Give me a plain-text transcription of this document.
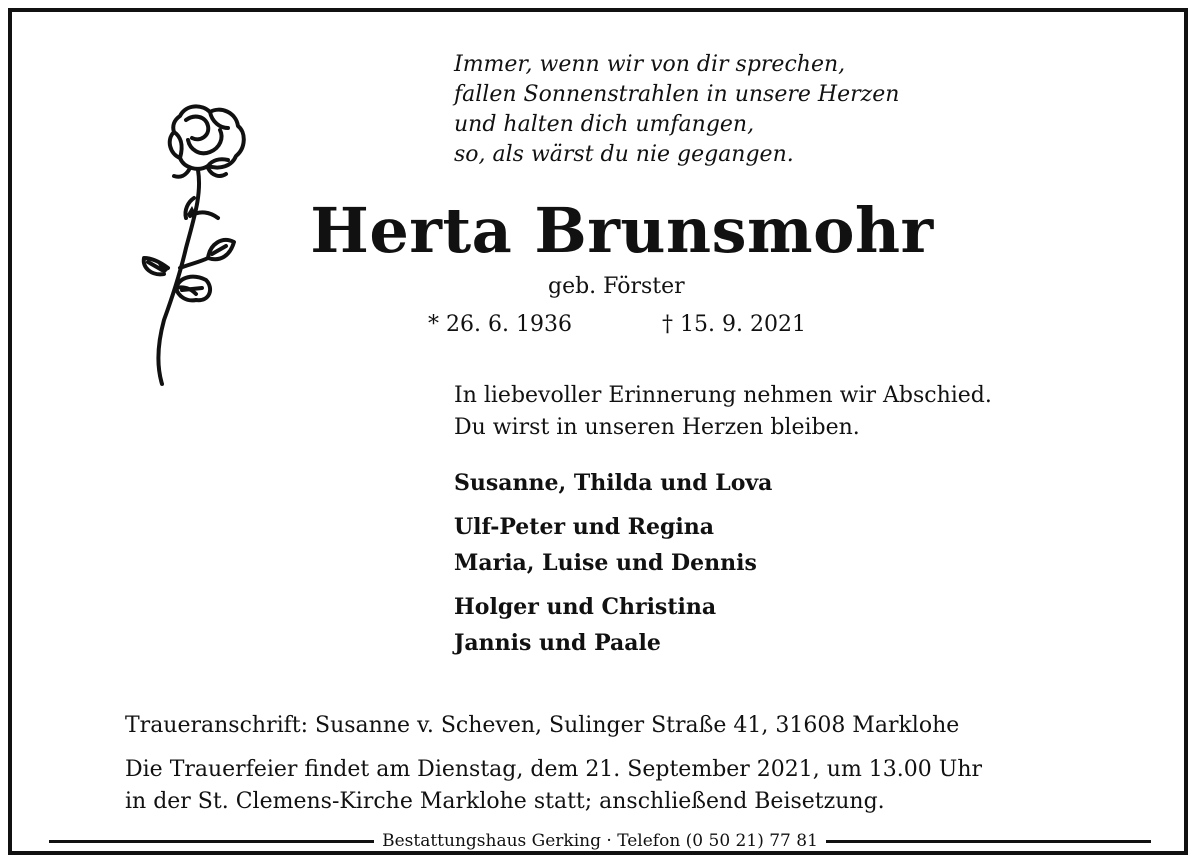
Immer, wenn wir von dir sprechen,
fallen Sonnenstrahlen in unsere Herzen
und halten dich umfangen,
so, als wärst du nie gegangen.
Herta Brunsmohr
geb. Förster
* 26. 6. 1936	† 15. 9. 2021
In liebevoller Erinnerung nehmen wir Abschied.
Du wirst in unseren Herzen bleiben.
Susanne, Thilda und Lova
Ulf-Peter und Regina
Maria, Luise und Dennis
Holger und Christina
Jannis und Paale
Traueranschrift: Susanne v. Scheven, Sulinger Straße 41, 31608 Marklohe
Die Trauerfeier findet am Dienstag, dem 21. September 2021, um 13.00 Uhr
in der St. Clemens-Kirche Marklohe statt; anschließend Beisetzung.
Bestattungshaus Gerking · Telefon (0 50 21) 77 81
